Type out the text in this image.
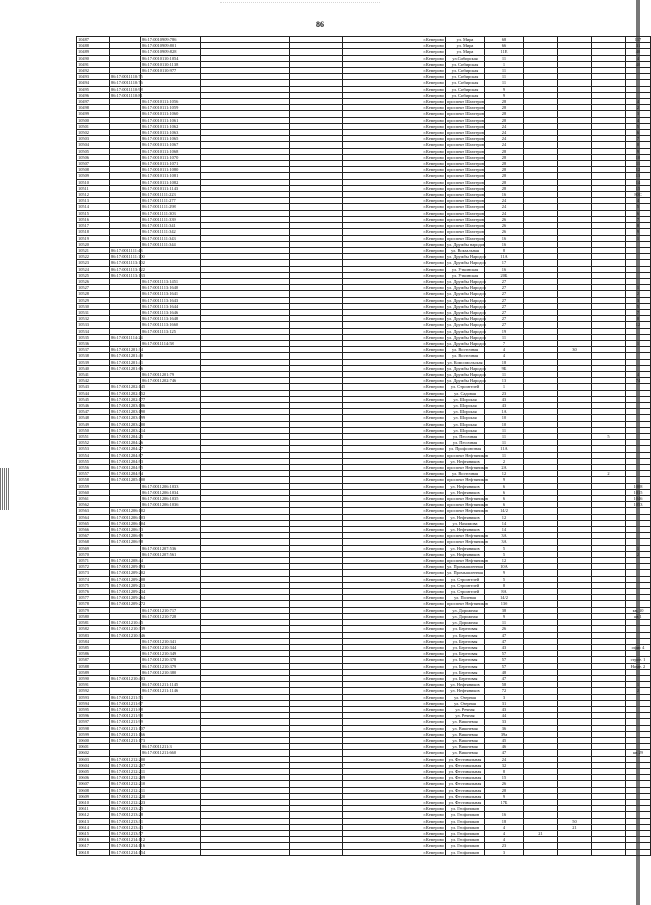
86
10487		86:17:0010909:786			г.Кемерово	ул. Мира	68				117
10488		86:17:0010909:801			г.Кемерово	ул. Мира	66				31
10489		86:17:0010909:828			г.Кемерово	ул. Мира	11Е				40
10490		86:17:0010110:1054			г.Кемерово	ул.Сибирская	11				4
10491		86:17:0010110:1138			г.Кемерово	ул. Сибирская	1				40
10492		86:17:0010110:977			г.Кемерово	ул. Сибирская	11				
10493	86:17:0011110:75				г.Кемерово	ул. Сибирская	11				
10494	86:17:0011110:76				г.Кемерово	ул. Сибирская	11				
10495	86:17:0011110:98				г.Кемерово	ул. Сибирская	9				
10496	86:17:0011110:81				г.Кемерово	ул. Сибирская	9				
10497		86:17:0010111:1056			г.Кемерово	проспект Шахтеров	28				4
10498		86:17:0010111:1059			г.Кемерово	проспект Шахтеров	28				2
10499		86:17:0010111:1060			г.Кемерово	проспект Шахтеров	28				3
10500		86:17:0010111:1061			г.Кемерово	проспект Шахтеров	28				4
10501		86:17:0010111:1062			г.Кемерово	проспект Шахтеров	24				5
10502		86:17:0010111:1063			г.Кемерово	проспект Шахтеров	24				6
10503		86:17:0010111:1065			г.Кемерово	проспект Шахтеров	24				7
10504		86:17:0010111:1067			г.Кемерово	проспект Шахтеров	24				8
10505		86:17:0010111:1068			г.Кемерово	проспект Шахтеров	28				9
10506		86:17:0010111:1070			г.Кемерово	проспект Шахтеров	28				10
10507		86:17:0010111:1071			г.Кемерово	проспект Шахтеров	28				11
10508		86:17:0010111:1080			г.Кемерово	проспект Шахтеров	28				12
10509		86:17:0010111:1081			г.Кемерово	проспект Шахтеров	28				13
10510		86:17:0010111:1082			г.Кемерово	проспект Шахтеров	28				14
10511		86:17:0010111:1143			г.Кемерово	проспект Шахтеров	28				15
10512		86:17:0011111:223			г.Кемерово	проспект Шахтеров	16				80С
10513		86:17:0011111:277			г.Кемерово	проспект Шахтеров	24				4
10514		86:17:0011111:298			г.Кемерово	проспект Шахтеров	24				5
10515		86:17:0011111:303			г.Кемерово	проспект Шахтеров	24				6
10516		86:17:0011111:339			г.Кемерово	проспект Шахтеров	26				7
10517		86:17:0011111:341			г.Кемерово	проспект Шахтеров	26				8
10518		86:17:0011111:342			г.Кемерово	проспект Шахтеров	26				9
10519		86:17:0011111:343			г.Кемерово	проспект Шахтеров	16				1
10520		86:17:0011111:344			г.Кемерово	ул. Дружбы народов	16				
10521	86:17:0011111:43				г.Кемерово	ул. Вокзальная	8				
10522	86:17:0011111:100				г.Кемерово	ул. Дружбы Народов	11А				
10523	86:17:0011113:102				г.Кемерово	ул. Дружбы Народов	17				
10524	86:17:0011113:122				г.Кемерово	ул. Уткинская	16				
10525	86:17:0011113:133				г.Кемерово	ул. Уткинская	20Б				
10526		86:17:0011113:1451			г.Кемерово	ул. Дружбы Народов	27				
10527		86:17:0011113:1640			г.Кемерово	ул. Дружбы Народов	27				1
10528		86:17:0011113:1641			г.Кемерово	ул. Дружбы Народов	27				2
10529		86:17:0011113:1643			г.Кемерово	ул. Дружбы Народов	27				3
10530		86:17:0011113:1644			г.Кемерово	ул. Дружбы Народов	27				5
10531		86:17:0011113:1646			г.Кемерово	ул. Дружбы Народов	27				7
10532		86:17:0011113:1648			г.Кемерово	ул. Дружбы Народов	27				8
10533		86:17:0011113:1660			г.Кемерово	ул. Дружбы Народов	27				12
10534		86:17:0011113:125			г.Кемерово	ул. Дружбы Народов	19				
10535	86:17:0011114:24				г.Кемерово	ул. Дружбы Народов	11				
10536		86:17:0011114:58			г.Кемерово	ул. Дружбы Народов	7				1
10537	86:17:0011201:34				г.Кемерово	ул. Восточная	4		30		
10538	86:17:0011201:40				г.Кемерово	ул. Восточная	4				
10539	86:17:0011201:41				г.Кемерово	ул. Комсомольская	18				
10540	86:17:0011201:66				г.Кемерово	ул. Дружбы Народов	9Б				
10541		86:17:0011201:79			г.Кемерово	ул. Дружбы Народов	11				4
10542		86:17:0011202:746			г.Кемерово	ул. Дружбы Народов	13				74
10543	86:17:0011202:145				г.Кемерово	ул. Строителей	1				
10544	86:17:0011202:152				г.Кемерово	ул. Садовая	23				
10545	86:17:0011202:177				г.Кемерово	ул. Шорская	43				
10546	86:17:0011203:186				г.Кемерово	ул. Шорская	43				
10547	86:17:0011203:190				г.Кемерово	ул. Шорская	1А				
10548	86:17:0011203:199				г.Кемерово	ул. Шорская	10				
10549	86:17:0011203:200				г.Кемерово	ул. Шорская	10				
10550	86:17:0011203:214				г.Кемерово	ул. Шорская	11				
10551	86:17:0011204:25				г.Кемерово	ул. Песочная	11			5	
10552	86:17:0011204:26				г.Кемерово	ул. Песочная	11				
10553	86:17:0011204:27				г.Кемерово	ул. Профсоюзная	11А				
10554	86:17:0011204:87				г.Кемерово	проспект Нефтяников	11				
10555	86:17:0011204:93				г.Кемерово	ул. Нефтяников	2				
10556	86:17:0011204:95				г.Кемерово	проспект Нефтяников	2А				
10557	86:17:0011204:94				г.Кемерово	ул. Восточная	12			2	
10558	86:17:0011205:100				г.Кемерово	проспект Нефтяников	9				
10559		86:17:0011206:1033			г.Кемерово	ул. Нефтяников	6				1008
10560		86:17:0011206:1034			г.Кемерово	ул. Нефтяников	6				1015
10561		86:17:0011206:1035			г.Кемерово	проспект Нефтяников	6				1046
10562		86:17:0011206:1036			г.Кемерово	проспект Нефтяников	6				1053
10563	86:17:0011206:102				г.Кемерово	проспект Нефтяников	14/2				
10564	86:17:0011206:103				г.Кемерово	ул. Нефтяников	12				
10565	86:17:0011206:104				г.Кемерово	ул. Нахимова	14				
10566	86:17:0011206:33				г.Кемерово	ул. Нефтяников	14				
10567	86:17:0011206:69				г.Кемерово	проспект Нефтяников	3А				
10568	86:17:0011206:98				г.Кемерово	проспект Нефтяников	3А				
10569		86:17:0011207:536			г.Кемерово	ул. Нефтяников	5				1
10570		86:17:0011207:561			г.Кемерово	ул. Нефтяников	5				2
10571	86:17:0011208:44				г.Кемерово	проспект Нефтяников	12				
10572	86:17:0011209:193				г.Кемерово	ул. Промышленная	10А				
10573	86:17:0011209:202				г.Кемерово	ул. Промышленная	9				
10574	86:17:0011209:208				г.Кемерово	ул. Строителей	5				
10575	86:17:0011209:213				г.Кемерово	ул. Строителей	8				
10576	86:17:0011209:234				г.Кемерово	ул. Строителей	8А				
10577	86:17:0011209:264				г.Кемерово	ул. Полевая	14/2				
10578	86:17:0011209:272				г.Кемерово	проспект Нефтяников	13б				
10579		86:17:0011210:717			г.Кемерово	ул. Дорожная	38				кв. 10
10580		86:17:0011210:728			г.Кемерово	ул. Дорожная	9				кв 1
10581	86:17:0011210:45				г.Кемерово	ул. Дорожная	11				
10582	86:17:0011210:339				г.Кемерово	ул. Береговая	26				
10583	86:17:0011210:346				г.Кемерово	ул. Береговая	47				
10584		86:17:0011210:341			г.Кемерово	ул. Береговая	47				
10585		86:17:0011210:344			г.Кемерово	ул. Береговая	43				офис 4
10586		86:17:0011210:349			г.Кемерово	ул. Береговая	57				
10587		86:17:0011210:378			г.Кемерово	ул. Береговая	57				строе. 1
10588		86:17:0011210:379			г.Кемерово	ул. Береговая	57				Номе. 2
10589		86:17:0011210:380			г.Кемерово	ул. Береговая	48				
10590	86:17:0011210:403				г.Кемерово	ул. Береговая	47				
10591		86:17:0011211:1145			г.Кемерово	ул. Нефтяников	58				1
10592		86:17:0011211:1146			г.Кемерово	ул. Нефтяников	72				2
10593	86:17:0011211:53				г.Кемерово	ул. Озерная	3				
10594	86:17:0011211:67				г.Кемерово	ул. Озерная	31				
10595	86:17:0011211:88				г.Кемерово	ул. Речная	43				
10596	86:17:0011211:98				г.Кемерово	ул. Речная	44				
10597	86:17:0011211:99				г.Кемерово	ул. Вишневая	33				
10598	86:17:0011211:107				г.Кемерово	ул. Вишневая	36				
10599	86:17:0011211:166				г.Кемерово	ул. Вишневая	39а				
10600	86:17:0011211:173				г.Кемерово	ул. Вишневая	45				
10601		86:17:0011211:3			г.Кемерово	ул. Вишневая	46				
10602		86:17:0011211:660			г.Кемерово	ул. Вишневая	47				кв 29
10603	86:17:0011212:200				г.Кемерово	ул. Фестивальная	24				
10604	86:17:0011212:207				г.Кемерово	ул. Фестивальная	32				
10605	86:17:0011212:211				г.Кемерово	ул. Фестивальная	8				
10606	86:17:0011212:209				г.Кемерово	ул. Фестивальная	15				
10607	86:17:0011212:210				г.Кемерово	ул. Фестивальная	26				
10608	86:17:0011212:211				г.Кемерово	ул. Фестивальная	28				
10609	86:17:0011212:220				г.Кемерово	ул. Фестивальная	9				
10610	86:17:0011212:223				г.Кемерово	ул. Фестивальная	17Б				
10611	86:17:0011213:25				г.Кемерово	ул. Геофизиков					
10612	86:17:0011213:28				г.Кемерово	ул. Геофизиков	16				
10613	86:17:0011213:31				г.Кемерово	ул. Геофизиков	18		50		
10614	86:17:0011213:43				г.Кемерово	ул. Геофизиков	4		21		
10615	86:17:0011213:57				г.Кемерово	ул. Геофизиков	4	21			
10616	86:17:0011214:112				г.Кемерово	ул. Геофизиков	4				
10617	86:17:0011214:116				г.Кемерово	ул. Геофизиков	23				
10618	86:17:0011214:154				г.Кемерово	ул. Геофизиков	3				
